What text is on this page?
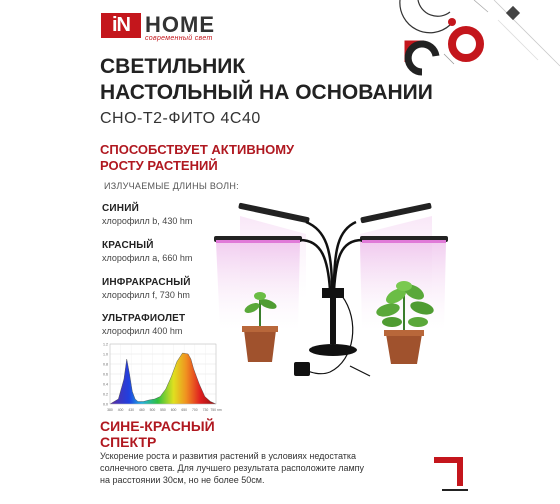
iN HOME
современный свет
СВЕТИЛЬНИК
НАСТОЛЬНЫЙ НА ОСНОВАНИИ
СНО-Т2-ФИТО 4С40
СПОСОБСТВУЕТ АКТИВНОМУ
РОСТУ РАСТЕНИЙ
ИЗЛУЧАЕМЫЕ ДЛИНЫ ВОЛН:
СИНИЙ
хлорофилл b, 430 hm
КРАСНЫЙ
хлорофилл a, 660 hm
ИНФРАКРАСНЫЙ
хлорофилл f, 730 hm
УЛЬТРАФИОЛЕТ
хлорофилл 400 hm
1.2
1.0
0.8
0.6
0.4
0.2
0.0
380 400 430 460 500 550 600 650 700 730 750 nm
СИНЕ-КРАСНЫЙ
СПЕКТР
Ускорение роста и развития растений в условиях недостатка
солнечного света. Для лучшего результата расположите лампу
на расстоянии 30см, но не более 50см.
